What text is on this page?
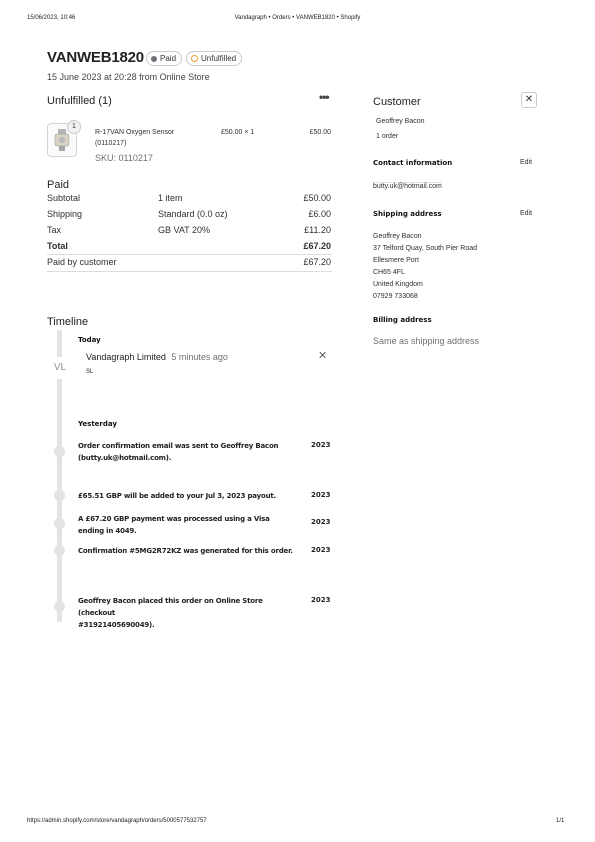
15/06/2023, 10:46	Vandagraph • Orders • VANWEB1820 • Shopify
VANWEB1820 Paid	Unfulfilled
15 June 2023 at 20:28 from Online Store
Unfulfilled (1)	•••
1
R-17VAN Oxygen Sensor
(0110217)
£50.00 × 1	£50.00
SKU: 0110217
Paid
Subtotal	1 item	£50.00
Shipping	Standard (0.0 oz)	£6.00
Tax	GB VAT 20%	£11.20
Total	£67.20
Paid by customer	£67.20
Timeline
Today
VL
Vandagraph Limited 5 minutes ago
SL
✕
Yesterday
Order confirmation email was sent to Geoffrey Bacon
(butty.uk@hotmail.com).
2023
£65.51 GBP will be added to your Jul 3, 2023 payout.	2023
A £67.20 GBP payment was processed using a Visa
ending in 4049.
2023
Confirmation #5MG2R72KZ was generated for this order.	2023
Geoffrey Bacon placed this order on Online Store (checkout
#31921405690049).
2023
Customer	✕
Geoffrey Bacon
1 order
Contact information	Edit
butty.uk@hotmail.com
Shipping address	Edit
Geoffrey Bacon
37 Telford Quay, South Pier Road
Ellesmere Port
CH65 4FL
United Kingdom
07929 733068
Billing address
Same as shipping address
https://admin.shopify.com/store/vandagraph/orders/5000577532757	1/1
